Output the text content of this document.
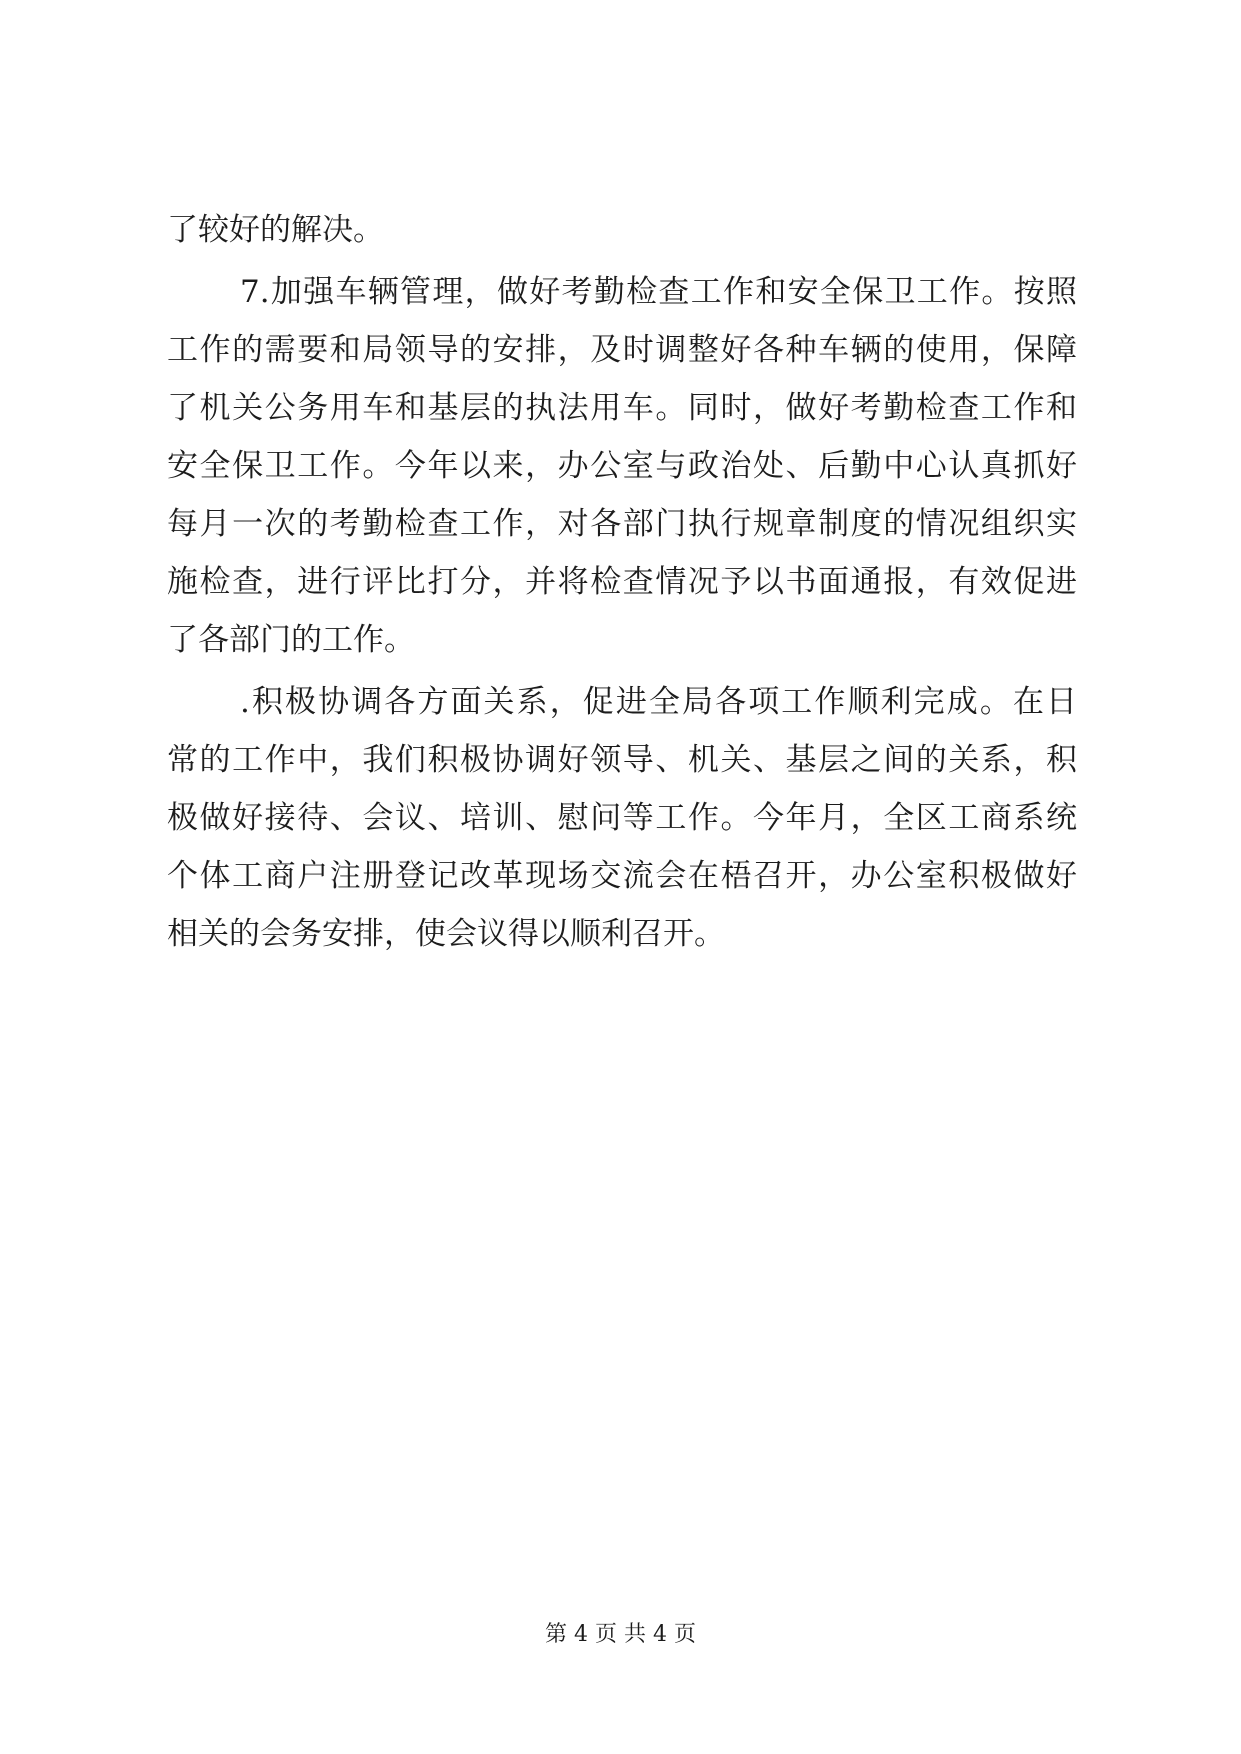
了较好的解决。

7.加强车辆管理，做好考勤检查工作和安全保卫工作。按照

工作的需要和局领导的安排，及时调整好各种车辆的使用，保障

了机关公务用车和基层的执法用车。同时，做好考勤检查工作和

安全保卫工作。今年以来，办公室与政治处、后勤中心认真抓好

每月一次的考勤检查工作，对各部门执行规章制度的情况组织实

施检查，进行评比打分，并将检查情况予以书面通报，有效促进

了各部门的工作。

.积极协调各方面关系，促进全局各项工作顺利完成。在日

常的工作中，我们积极协调好领导、机关、基层之间的关系，积

极做好接待、会议、培训、慰问等工作。今年月，全区工商系统

个体工商户注册登记改革现场交流会在梧召开，办公室积极做好

相关的会务安排，使会议得以顺利召开。

第 4 页 共 4 页
